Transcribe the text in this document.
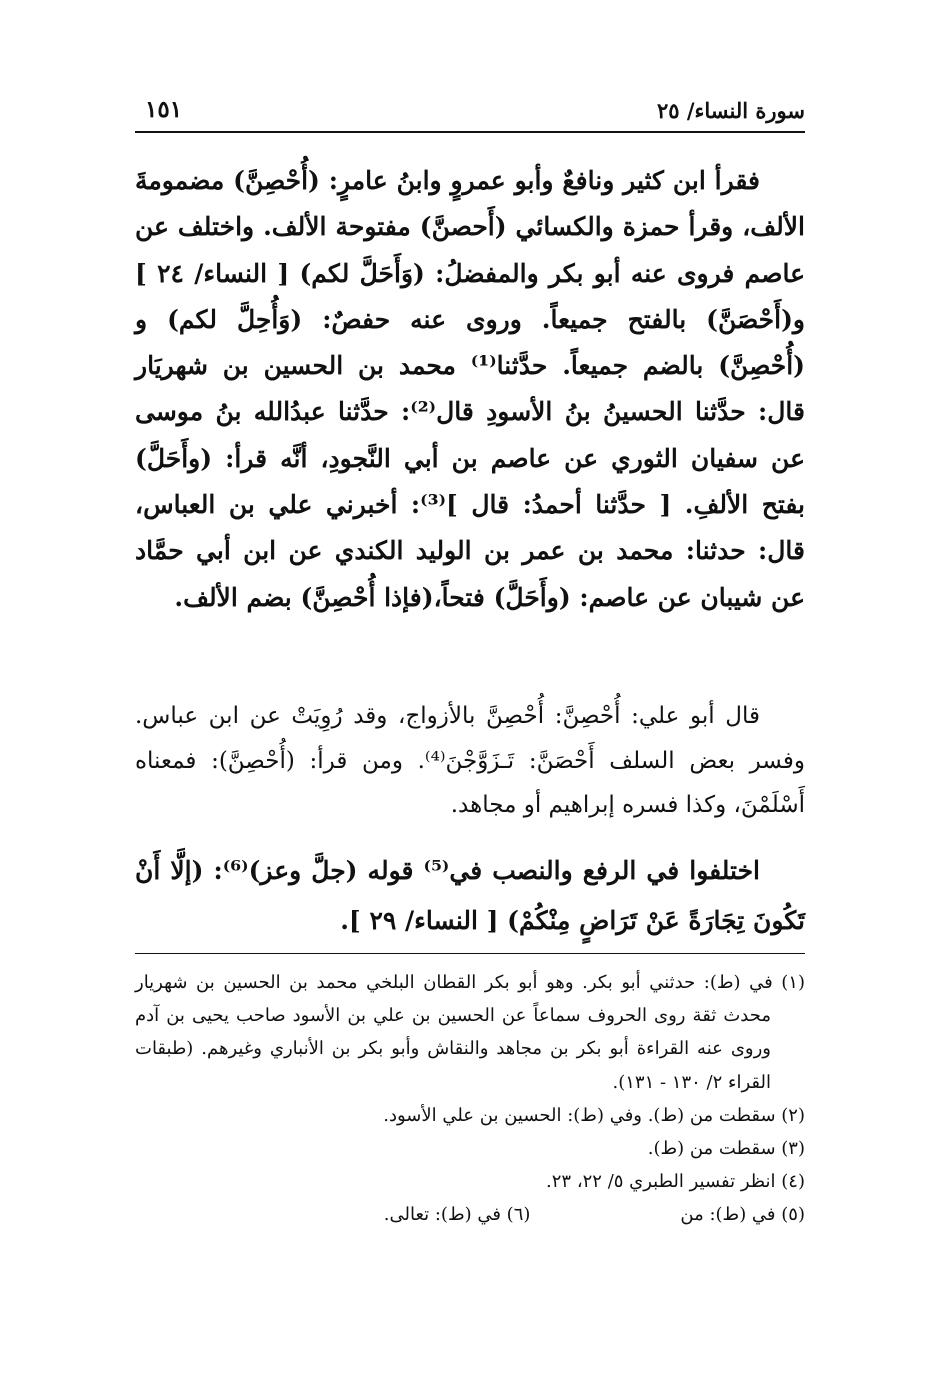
سورة النساء/ ٢٥
١٥١

فقرأ ابن كثير ونافعٌ وأبو عمروٍ وابنُ عامرٍ: (أُحْصِنَّ) مضمومةَ الألف، وقرأ حمزة والكسائي (أَحصنَّ) مفتوحة الألف. واختلف عن عاصم فروى عنه أبو بكر والمفضلُ: (وَأَحَلَّ لكم) [ النساء/ ٢٤ ] و(أَحْصَنَّ) بالفتح جميعاً. وروى عنه حفصٌ: (وَأُحِلَّ لكم) و (أُحْصِنَّ) بالضم جميعاً. حدَّثنا⁽¹⁾ محمد بن الحسين بن شهريَار قال: حدَّثنا الحسينُ بنُ الأسودِ قال⁽²⁾: حدَّثنا عبدُالله بنُ موسى عن سفيان الثوري عن عاصم بن أبي النَّجودِ، أنَّه قرأ: (وأَحَلَّ) بفتح الألفِ. [ حدَّثنا أحمدُ: قال ]⁽³⁾: أخبرني علي بن العباس، قال: حدثنا: محمد بن عمر بن الوليد الكندي عن ابن أبي حمَّاد عن شيبان عن عاصم: (وأَحَلَّ) فتحاً،(فإذا أُحْصِنَّ) بضم الألف.

قال أبو علي: أُحْصِنَّ: أُحْصِنَّ بالأزواج، وقد رُوِيَتْ عن ابن عباس. وفسر بعض السلف أَحْصَنَّ: تَـزَوَّجْنَ⁽⁴⁾. ومن قرأ: (أُحْصِنَّ): فمعناه أَسْلَمْنَ، وكذا فسره إبراهيم أو مجاهد.

اختلفوا في الرفع والنصب في⁽⁵⁾ قوله (جلَّ وعز)⁽⁶⁾: (إلَّا أَنْ تَكُونَ تِجَارَةً عَنْ تَرَاضٍ مِنْكُمْ) [ النساء/ ٢٩ ].

(١) في (ط): حدثني أبو بكر. وهو أبو بكر القطان البلخي محمد بن الحسين بن شهريار محدث ثقة روى الحروف سماعاً عن الحسين بن علي بن الأسود صاحب يحيى بن آدم وروى عنه القراءة أبو بكر بن مجاهد والنقاش وأبو بكر بن الأنباري وغيرهم. (طبقات القراء ٢/ ١٣٠ - ١٣١).

(٢) سقطت من (ط). وفي (ط): الحسين بن علي الأسود.

(٣) سقطت من (ط).

(٤) انظر تفسير الطبري ٥/ ٢٢، ٢٣.

(٥) في (ط): من

(٦) في (ط): تعالى.
